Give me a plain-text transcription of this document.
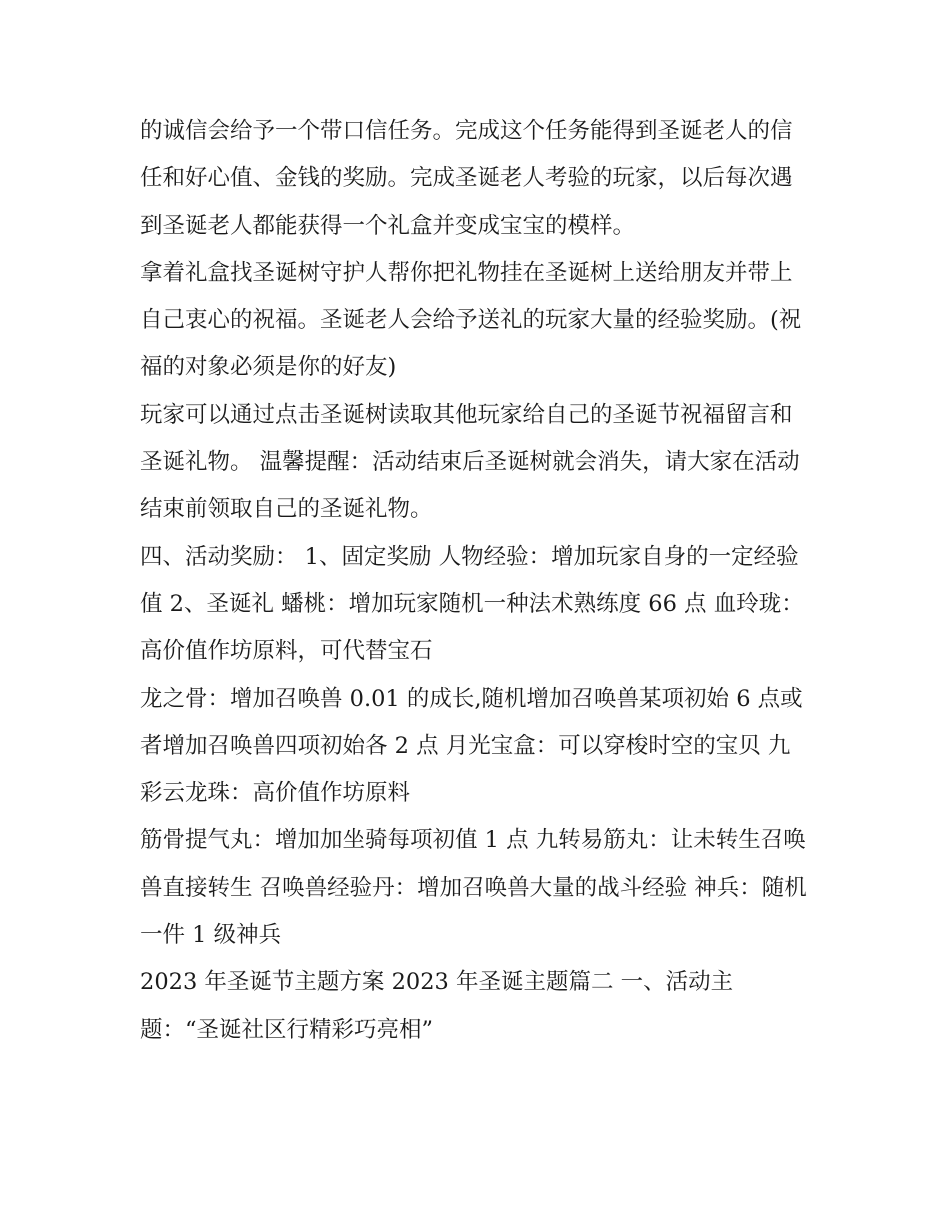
的诚信会给予一个带口信任务。完成这个任务能得到圣诞老人的信任和好心值、金钱的奖励。完成圣诞老人考验的玩家，以后每次遇到圣诞老人都能获得一个礼盒并变成宝宝的模样。

拿着礼盒找圣诞树守护人帮你把礼物挂在圣诞树上送给朋友并带上自己衷心的祝福。圣诞老人会给予送礼的玩家大量的经验奖励。(祝福的对象必须是你的好友)

玩家可以通过点击圣诞树读取其他玩家给自己的圣诞节祝福留言和圣诞礼物。 温馨提醒：活动结束后圣诞树就会消失，请大家在活动结束前领取自己的圣诞礼物。

四、活动奖励： 1、固定奖励 人物经验：增加玩家自身的一定经验值 2、圣诞礼 蟠桃：增加玩家随机一种法术熟练度 66 点 血玲珑：高价值作坊原料，可代替宝石

龙之骨：增加召唤兽 0.01 的成长,随机增加召唤兽某项初始 6 点或者增加召唤兽四项初始各 2 点 月光宝盒：可以穿梭时空的宝贝 九彩云龙珠：高价值作坊原料

筋骨提气丸：增加加坐骑每项初值 1 点 九转易筋丸：让未转生召唤兽直接转生 召唤兽经验丹：增加召唤兽大量的战斗经验 神兵：随机一件 1 级神兵

2023 年圣诞节主题方案 2023 年圣诞主题篇二 一、活动主题：“圣诞社区行精彩巧亮相”
